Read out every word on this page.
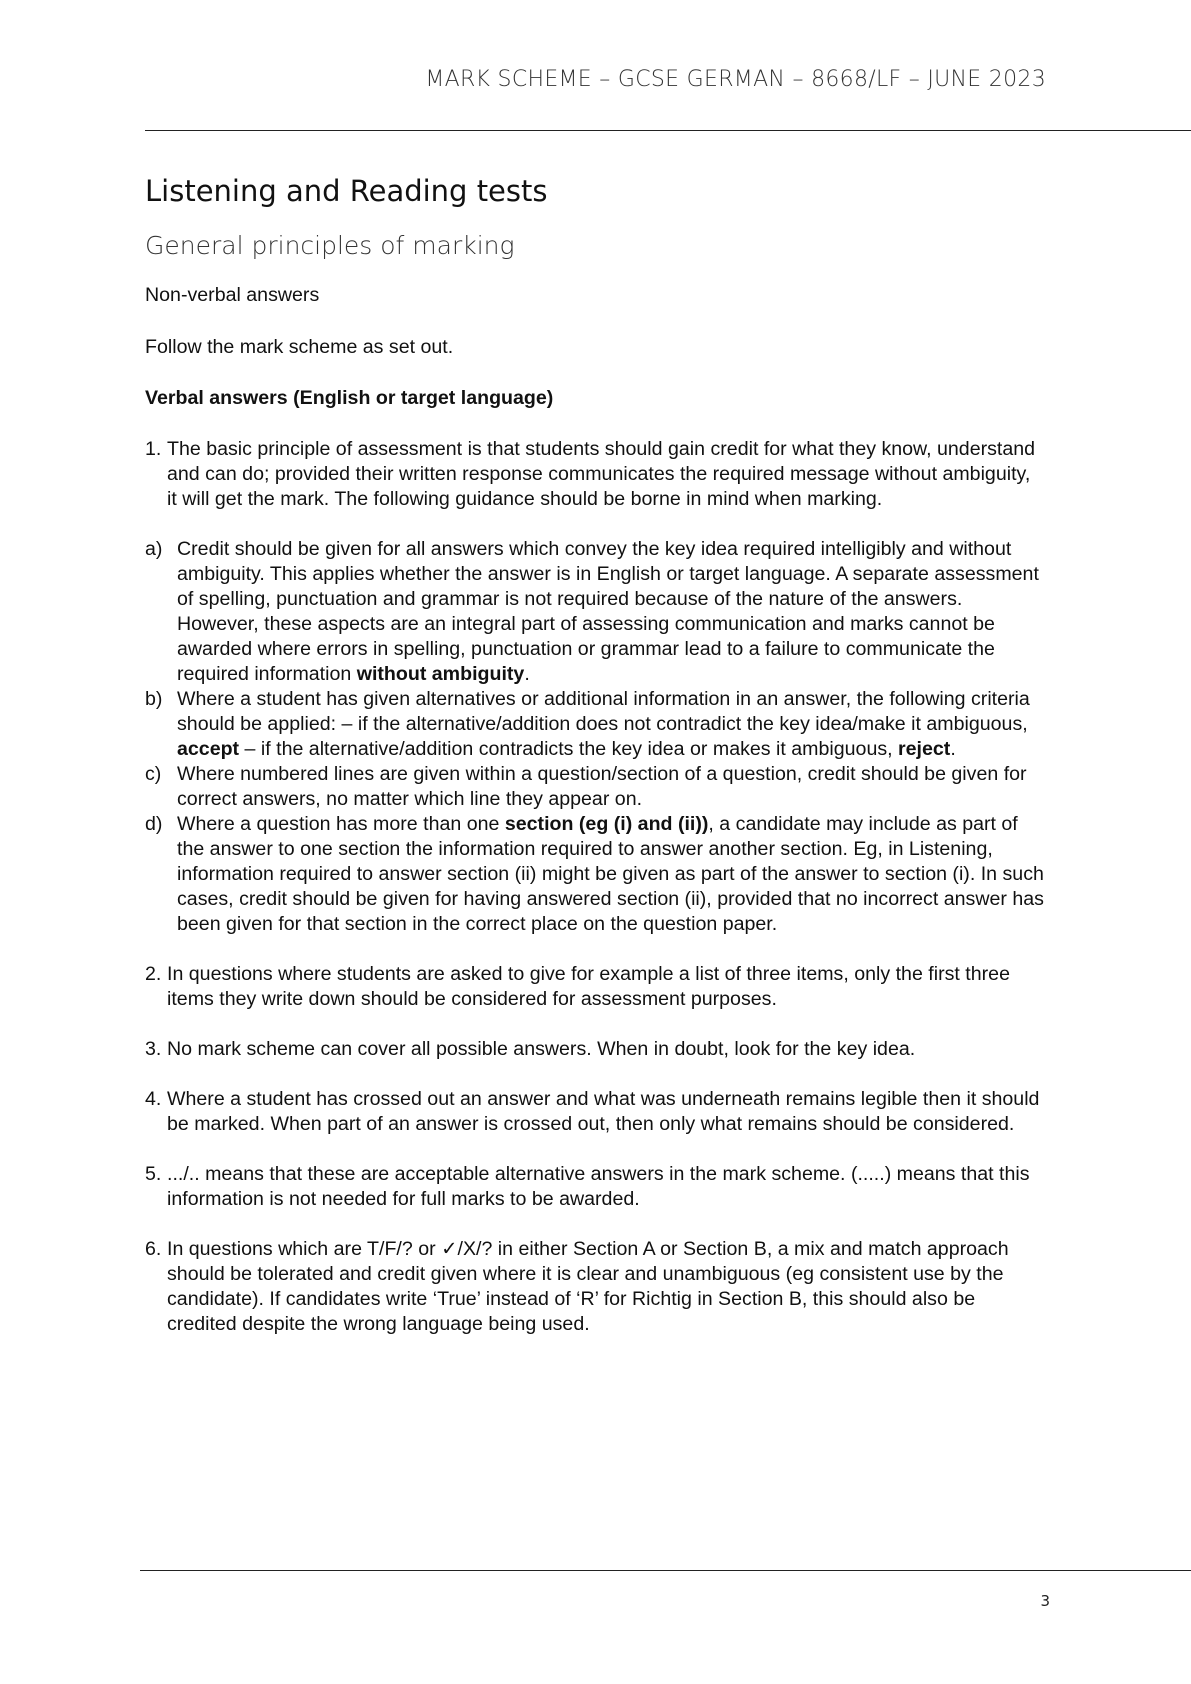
MARK SCHEME – GCSE GERMAN – 8668/LF – JUNE 2023
Listening and Reading tests
General principles of marking

Non-verbal answers

Follow the mark scheme as set out.

Verbal answers (English or target language)

1. The basic principle of assessment is that students should gain credit for what they know, understand and can do; provided their written response communicates the required message without ambiguity, it will get the mark. The following guidance should be borne in mind when marking.
a) Credit should be given for all answers which convey the key idea required intelligibly and without ambiguity. This applies whether the answer is in English or target language. A separate assessment of spelling, punctuation and grammar is not required because of the nature of the answers. However, these aspects are an integral part of assessing communication and marks cannot be awarded where errors in spelling, punctuation or grammar lead to a failure to communicate the required information without ambiguity.
b) Where a student has given alternatives or additional information in an answer, the following criteria should be applied: – if the alternative/addition does not contradict the key idea/make it ambiguous, accept – if the alternative/addition contradicts the key idea or makes it ambiguous, reject.
c) Where numbered lines are given within a question/section of a question, credit should be given for correct answers, no matter which line they appear on.
d) Where a question has more than one section (eg (i) and (ii)), a candidate may include as part of the answer to one section the information required to answer another section. Eg, in Listening, information required to answer section (ii) might be given as part of the answer to section (i). In such cases, credit should be given for having answered section (ii), provided that no incorrect answer has been given for that section in the correct place on the question paper.
2. In questions where students are asked to give for example a list of three items, only the first three items they write down should be considered for assessment purposes.
3. No mark scheme can cover all possible answers. When in doubt, look for the key idea.
4. Where a student has crossed out an answer and what was underneath remains legible then it should be marked. When part of an answer is crossed out, then only what remains should be considered.
5. .../.. means that these are acceptable alternative answers in the mark scheme. (.....) means that this information is not needed for full marks to be awarded.
6. In questions which are T/F/? or ✓/X/? in either Section A or Section B, a mix and match approach should be tolerated and credit given where it is clear and unambiguous (eg consistent use by the candidate). If candidates write ‘True’ instead of ‘R’ for Richtig in Section B, this should also be credited despite the wrong language being used.
3
